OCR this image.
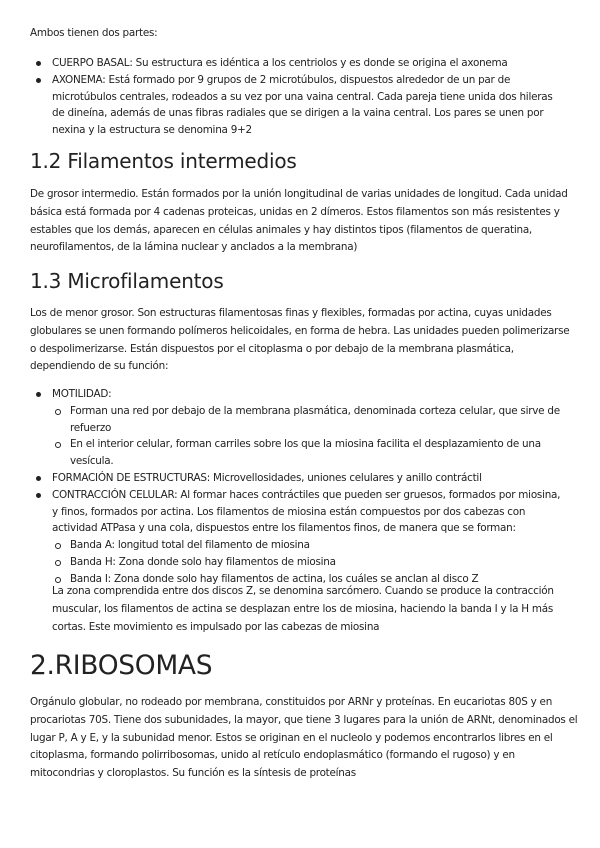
Ambos tienen dos partes:

CUERPO BASAL: Su estructura es idéntica a los centriolos y es donde se origina el axonema
AXONEMA: Está formado por 9 grupos de 2 microtúbulos, dispuestos alrededor de un par de microtúbulos centrales, rodeados a su vez por una vaina central. Cada pareja tiene unida dos hileras de dineína, además de unas fibras radiales que se dirigen a la vaina central. Los pares se unen por nexina y la estructura se denomina 9+2
1.2 Filamentos intermedios

De grosor intermedio. Están formados por la unión longitudinal de varias unidades de longitud. Cada unidad básica está formada por 4 cadenas proteicas, unidas en 2 dímeros. Estos filamentos son más resistentes y estables que los demás, aparecen en células animales y hay distintos tipos (filamentos de queratina, neurofilamentos, de la lámina nuclear y anclados a la membrana)

1.3 Microfilamentos

Los de menor grosor. Son estructuras filamentosas finas y flexibles, formadas por actina, cuyas unidades globulares se unen formando polímeros helicoidales, en forma de hebra. Las unidades pueden polimerizarse o despolimerizarse. Están dispuestos por el citoplasma o por debajo de la membrana plasmática, dependiendo de su función:

MOTILIDAD:
Forman una red por debajo de la membrana plasmática, denominada corteza celular, que sirve de refuerzo
En el interior celular, forman carriles sobre los que la miosina facilita el desplazamiento de una vesícula.
FORMACIÓN DE ESTRUCTURAS: Microvellosidades, uniones celulares y anillo contráctil
CONTRACCIÓN CELULAR: Al formar haces contráctiles que pueden ser gruesos, formados por miosina, y finos, formados por actina. Los filamentos de miosina están compuestos por dos cabezas con actividad ATPasa y una cola, dispuestos entre los filamentos finos, de manera que se forman:
Banda A: longitud total del filamento de miosina
Banda H: Zona donde solo hay filamentos de miosina
Banda I: Zona donde solo hay filamentos de actina, los cuáles se anclan al disco Z

La zona comprendida entre dos discos Z, se denomina sarcómero. Cuando se produce la contracción muscular, los filamentos de actina se desplazan entre los de miosina, haciendo la banda I y la H más cortas. Este movimiento es impulsado por las cabezas de miosina

2.RIBOSOMAS

Orgánulo globular, no rodeado por membrana, constituidos por ARNr y proteínas. En eucariotas 80S y en procariotas 70S. Tiene dos subunidades, la mayor, que tiene 3 lugares para la unión de ARNt, denominados el lugar P, A y E, y la subunidad menor. Estos se originan en el nucleolo y podemos encontrarlos libres en el citoplasma, formando polirribosomas, unido al retículo endoplasmático (formando el rugoso) y en mitocondrias y cloroplastos. Su función es la síntesis de proteínas
